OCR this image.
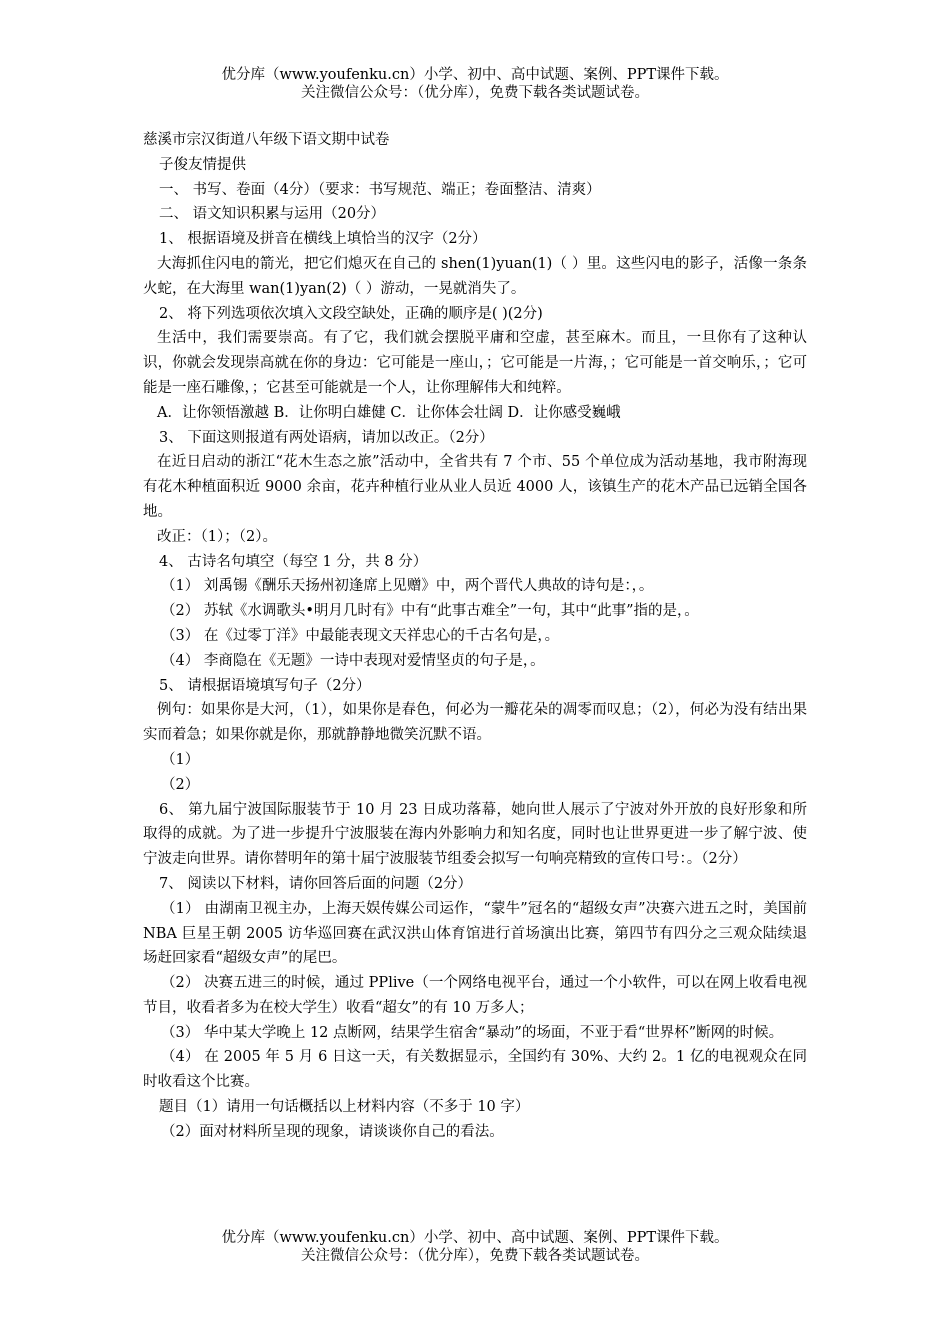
优分库（www.youfenku.cn）小学、初中、高中试题、案例、PPT课件下载。
关注微信公众号：（优分库），免费下载各类试题试卷。

慈溪市宗汉街道八年级下语文期中试卷

子俊友情提供

一、 书写、卷面（4分）（要求：书写规范、端正；卷面整洁、清爽）

二、 语文知识积累与运用（20分）

1、 根据语境及拼音在横线上填恰当的汉字（2分）

大海抓住闪电的箭光，把它们熄灭在自己的 shen(1)yuan(1)（ ）里。这些闪电的影子，活像一条条火蛇，在大海里 wan(1)yan(2)（ ）游动，一晃就消失了。

2、 将下列选项依次填入文段空缺处，正确的顺序是( )(2分)

生活中，我们需要崇高。有了它，我们就会摆脱平庸和空虚，甚至麻木。而且，一旦你有了这种认识，你就会发现崇高就在你的身边：它可能是一座山，；它可能是一片海，；它可能是一首交响乐，；它可能是一座石雕像，；它甚至可能就是一个人，让你理解伟大和纯粹。

A．让你领悟激越 B．让你明白雄健 C．让你体会壮阔 D．让你感受巍峨

3、 下面这则报道有两处语病，请加以改正。（2分）

在近日启动的浙江“花木生态之旅”活动中，全省共有 7 个市、55 个单位成为活动基地，我市附海现有花木种植面积近 9000 余亩，花卉种植行业从业人员近 4000 人，该镇生产的花木产品已远销全国各地。

改正：（1）；（2）。

4、 古诗名句填空（每空 1 分，共 8 分）

（1） 刘禹锡《酬乐天扬州初逢席上见赠》中，两个晋代人典故的诗句是：，。

（2） 苏轼《水调歌头•明月几时有》中有“此事古难全”一句，其中“此事”指的是，。

（3） 在《过零丁洋》中最能表现文天祥忠心的千古名句是，。

（4） 李商隐在《无题》一诗中表现对爱情坚贞的句子是，。

5、 请根据语境填写句子（2分）

例句：如果你是大河，（1），如果你是春色，何必为一瓣花朵的凋零而叹息；（2），何必为没有结出果实而着急；如果你就是你，那就静静地微笑沉默不语。

（1）

（2）

6、 第九届宁波国际服装节于 10 月 23 日成功落幕，她向世人展示了宁波对外开放的良好形象和所取得的成就。为了进一步提升宁波服装在海内外影响力和知名度，同时也让世界更进一步了解宁波、使宁波走向世界。请你替明年的第十届宁波服装节组委会拟写一句响亮精致的宣传口号：。（2分）

7、 阅读以下材料，请你回答后面的问题（2分）

（1） 由湖南卫视主办，上海天娱传媒公司运作，“蒙牛”冠名的“超级女声”决赛六进五之时，美国前 NBA 巨星王朝 2005 访华巡回赛在武汉洪山体育馆进行首场演出比赛，第四节有四分之三观众陆续退场赶回家看“超级女声”的尾巴。

（2） 决赛五进三的时候，通过 PPlive（一个网络电视平台，通过一个小软件，可以在网上收看电视节目，收看者多为在校大学生）收看“超女”的有 10 万多人；

（3） 华中某大学晚上 12 点断网，结果学生宿舍“暴动”的场面，不亚于看“世界杯”断网的时候。

（4） 在 2005 年 5 月 6 日这一天，有关数据显示，全国约有 30%、大约 2。1 亿的电视观众在同时收看这个比赛。

题目（1）请用一句话概括以上材料内容（不多于 10 字）

（2）面对材料所呈现的现象，请谈谈你自己的看法。

优分库（www.youfenku.cn）小学、初中、高中试题、案例、PPT课件下载。
关注微信公众号：（优分库），免费下载各类试题试卷。
